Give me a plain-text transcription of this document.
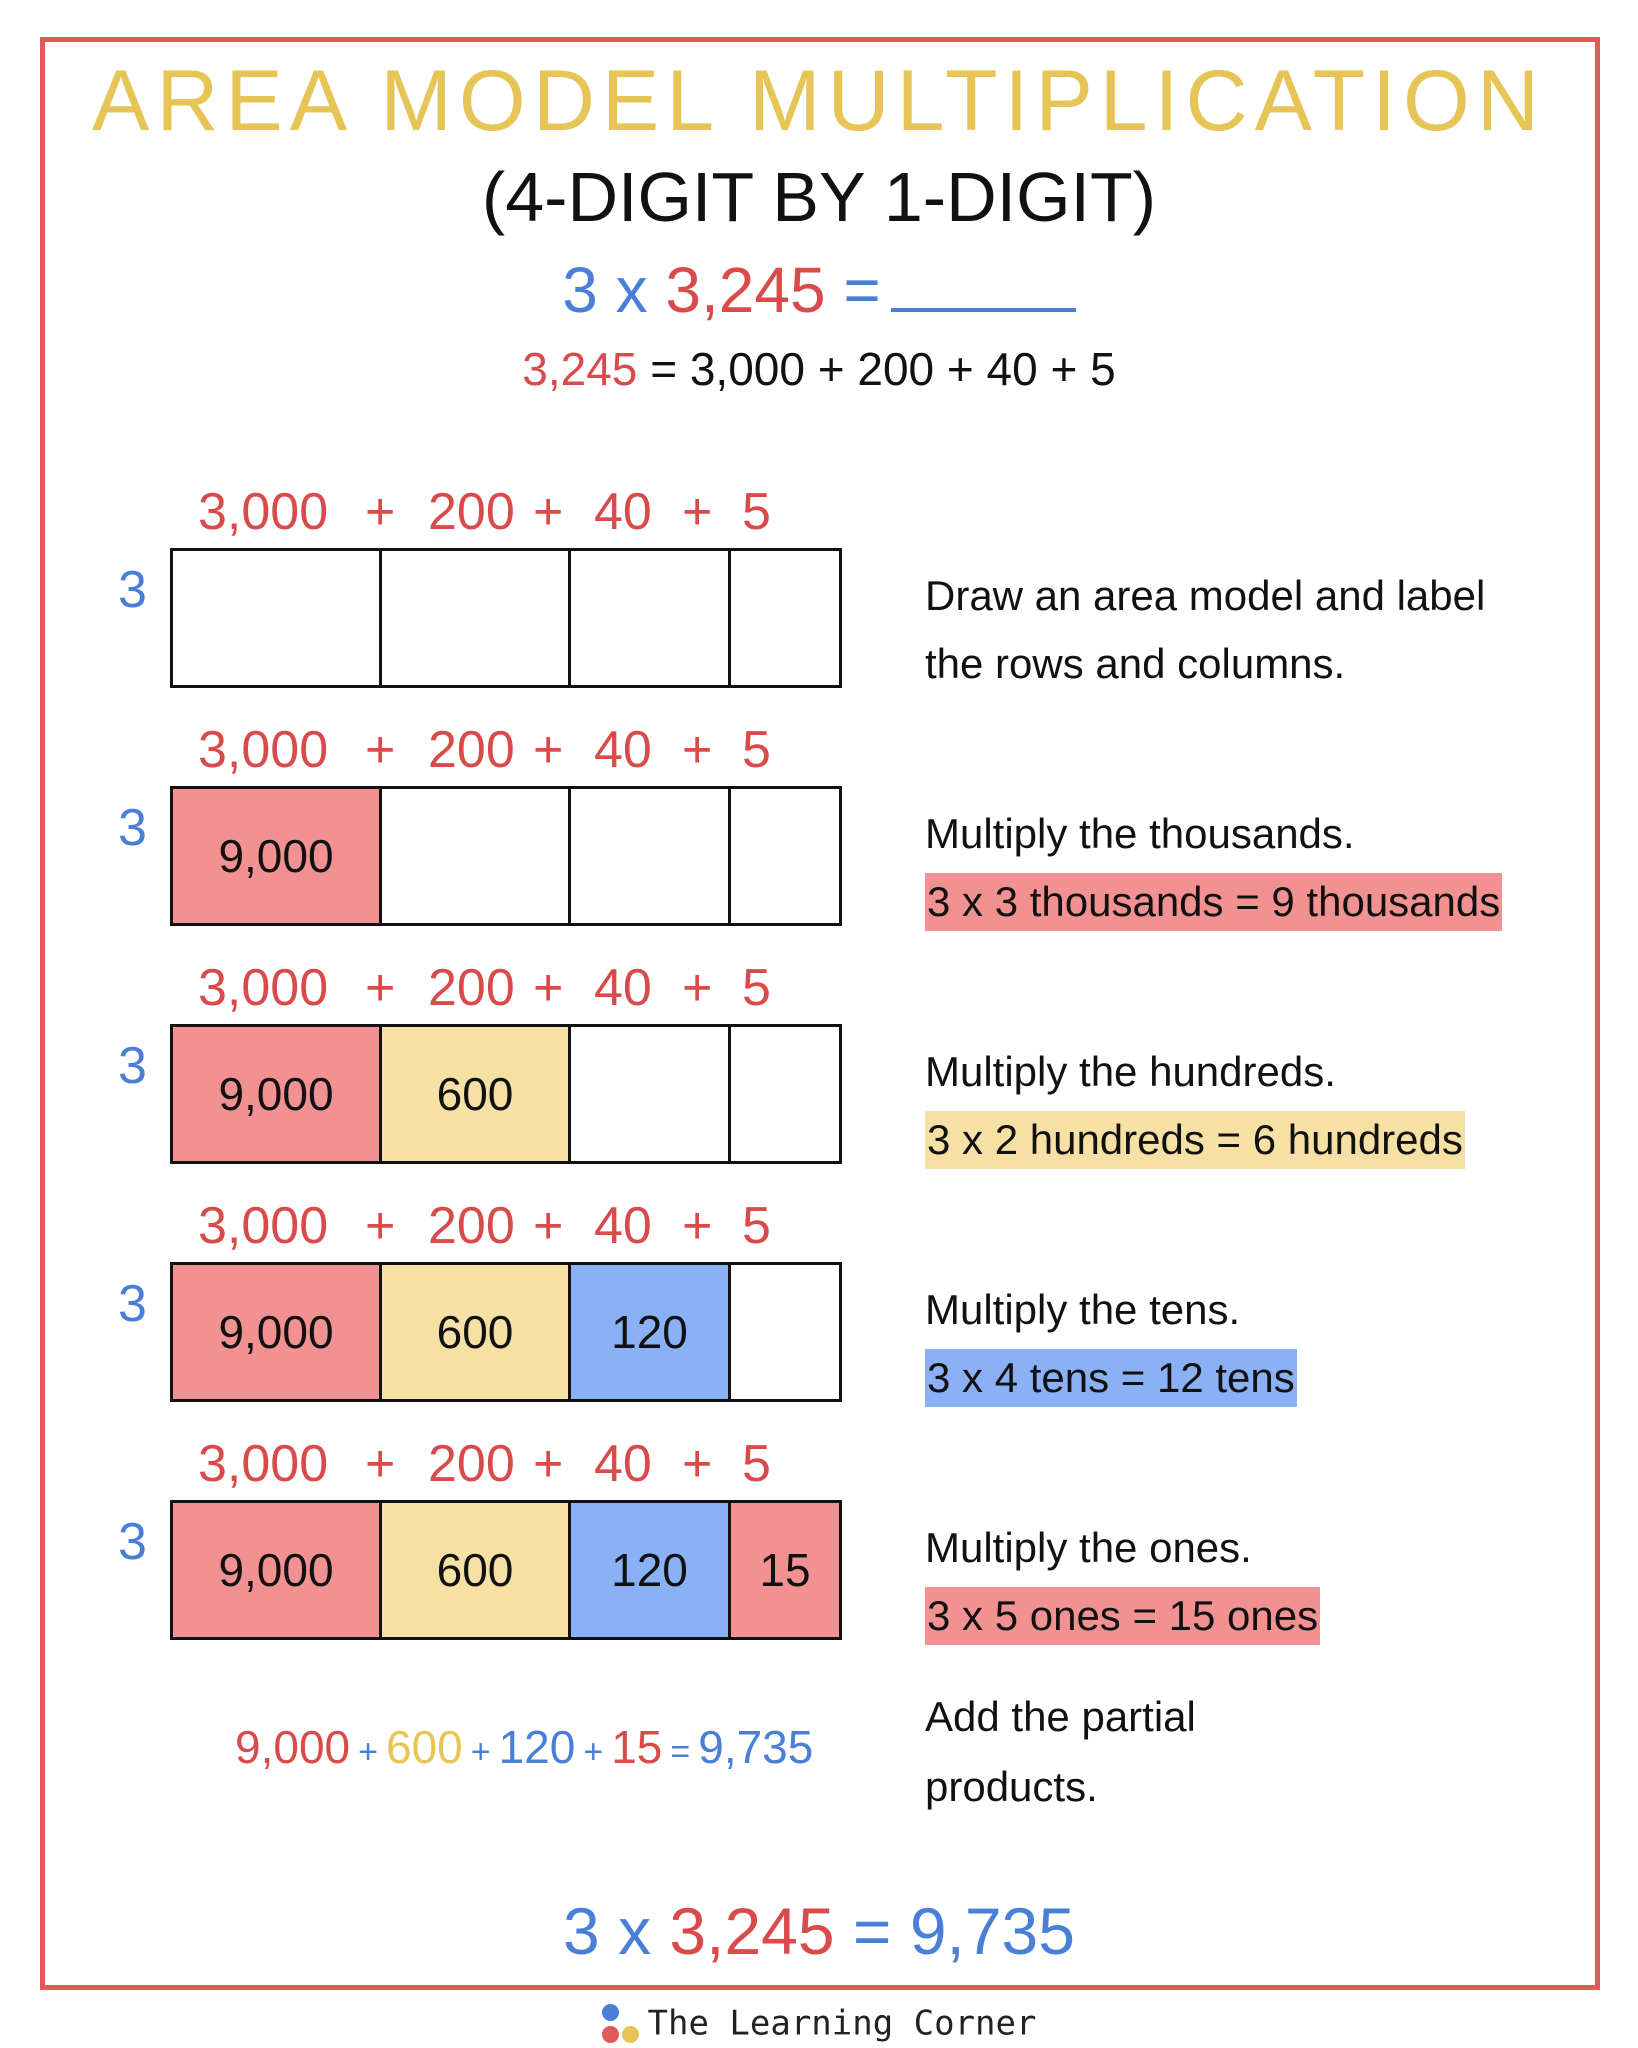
AREA MODEL MULTIPLICATION
(4-DIGIT BY 1-DIGIT)
3 x 3,245 =
3,245 = 3,000 + 200 + 40 + 5
3,000 + 200 + 40 + 5
3	Draw an area model and label
the rows and columns.
3,000 + 200 + 40 + 5
3	9,000	Multiply the thousands.
3 x 3 thousands = 9 thousands
3,000 + 200 + 40 + 5
3	9,000	600	Multiply the hundreds.
3 x 2 hundreds = 6 hundreds
3,000 + 200 + 40 + 5
3	9,000	600	120	Multiply the tens.
3 x 4 tens = 12 tens
3,000 + 200 + 40 + 5
3	9,000	600	120	15	Multiply the ones.
3 x 5 ones = 15 ones
9,000 + 600 + 120 + 15 = 9,735
Add the partial
products.
3 x 3,245 = 9,735
The Learning Corner
